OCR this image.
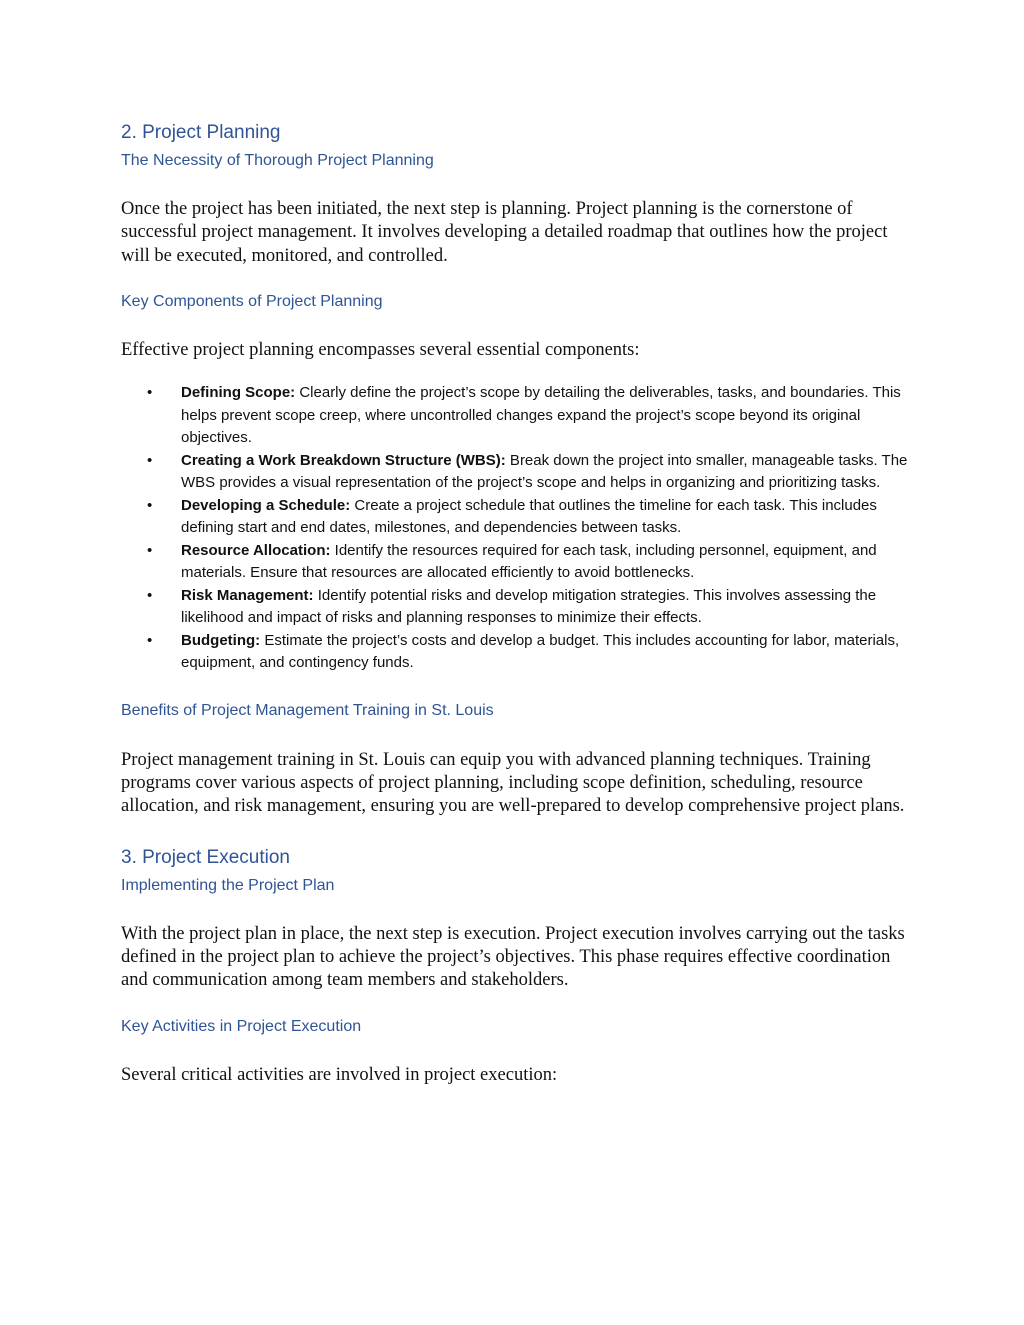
2. Project Planning
The Necessity of Thorough Project Planning

Once the project has been initiated, the next step is planning. Project planning is the cornerstone of successful project management. It involves developing a detailed roadmap that outlines how the project will be executed, monitored, and controlled.

Key Components of Project Planning

Effective project planning encompasses several essential components:

• Defining Scope: Clearly define the project’s scope by detailing the deliverables, tasks, and boundaries. This helps prevent scope creep, where uncontrolled changes expand the project’s scope beyond its original objectives.
• Creating a Work Breakdown Structure (WBS): Break down the project into smaller, manageable tasks. The WBS provides a visual representation of the project’s scope and helps in organizing and prioritizing tasks.
• Developing a Schedule: Create a project schedule that outlines the timeline for each task. This includes defining start and end dates, milestones, and dependencies between tasks.
• Resource Allocation: Identify the resources required for each task, including personnel, equipment, and materials. Ensure that resources are allocated efficiently to avoid bottlenecks.
• Risk Management: Identify potential risks and develop mitigation strategies. This involves assessing the likelihood and impact of risks and planning responses to minimize their effects.
• Budgeting: Estimate the project’s costs and develop a budget. This includes accounting for labor, materials, equipment, and contingency funds.
Benefits of Project Management Training in St. Louis

Project management training in St. Louis can equip you with advanced planning techniques. Training programs cover various aspects of project planning, including scope definition, scheduling, resource allocation, and risk management, ensuring you are well-prepared to develop comprehensive project plans.

3. Project Execution
Implementing the Project Plan

With the project plan in place, the next step is execution. Project execution involves carrying out the tasks defined in the project plan to achieve the project’s objectives. This phase requires effective coordination and communication among team members and stakeholders.

Key Activities in Project Execution

Several critical activities are involved in project execution:
